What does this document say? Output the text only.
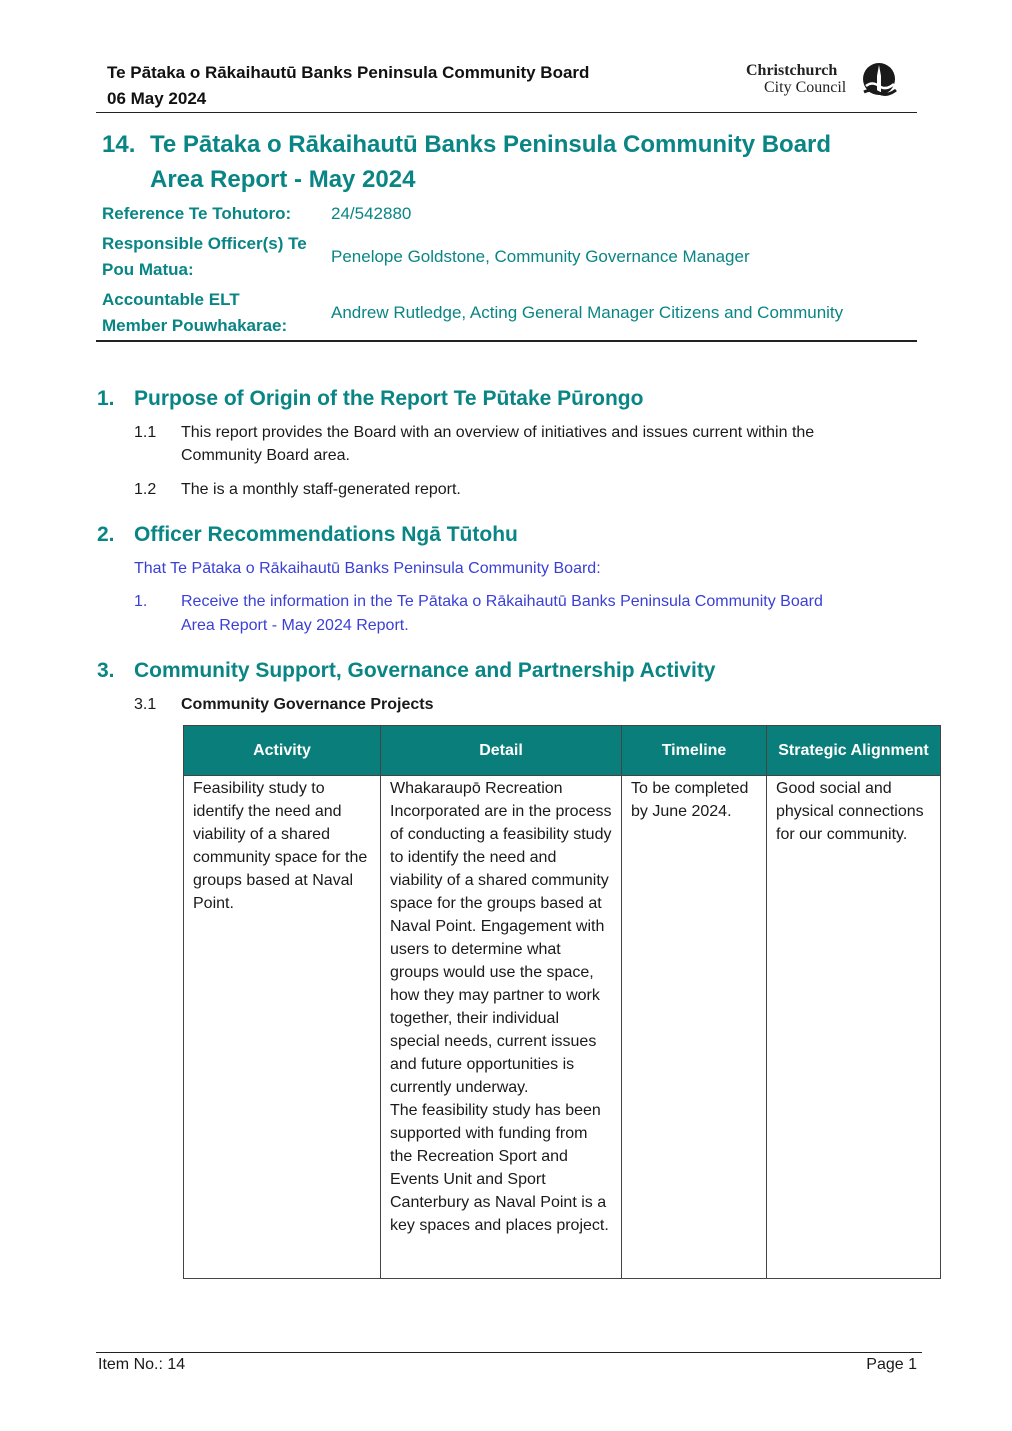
Te Pātaka o Rākaihautū Banks Peninsula Community Board
06 May 2024
Christchurch
City Council
14. Te Pātaka o Rākaihautū Banks Peninsula Community Board
Area Report - May 2024
Reference Te Tohutoro: 24/542880
Responsible Officer(s) Te
Pou Matua:
Penelope Goldstone, Community Governance Manager
Accountable ELT
Member Pouwhakarae:
Andrew Rutledge, Acting General Manager Citizens and Community
1. Purpose of Origin of the Report Te Pūtake Pūrongo
1.1 This report provides the Board with an overview of initiatives and issues current within the
Community Board area.
1.2 The is a monthly staff-generated report.
2. Officer Recommendations Ngā Tūtohu
That Te Pātaka o Rākaihautū Banks Peninsula Community Board:
1. Receive the information in the Te Pātaka o Rākaihautū Banks Peninsula Community Board
Area Report - May 2024 Report.
3. Community Support, Governance and Partnership Activity
3.1 Community Governance Projects
Activity	Detail	Timeline	Strategic Alignment
Feasibility study to identify the need and viability of a shared community space for the groups based at Naval Point.	Whakaraupō Recreation Incorporated are in the process of conducting a feasibility study to identify the need and viability of a shared community space for the groups based at Naval Point. Engagement with users to determine what groups would use the space, how they may partner to work together, their individual special needs, current issues and future opportunities is currently underway.
The feasibility study has been supported with funding from the Recreation Sport and Events Unit and Sport Canterbury as Naval Point is a key spaces and places project.	To be completed by June 2024.	Good social and physical connections for our community.
Item No.: 14	Page 1
